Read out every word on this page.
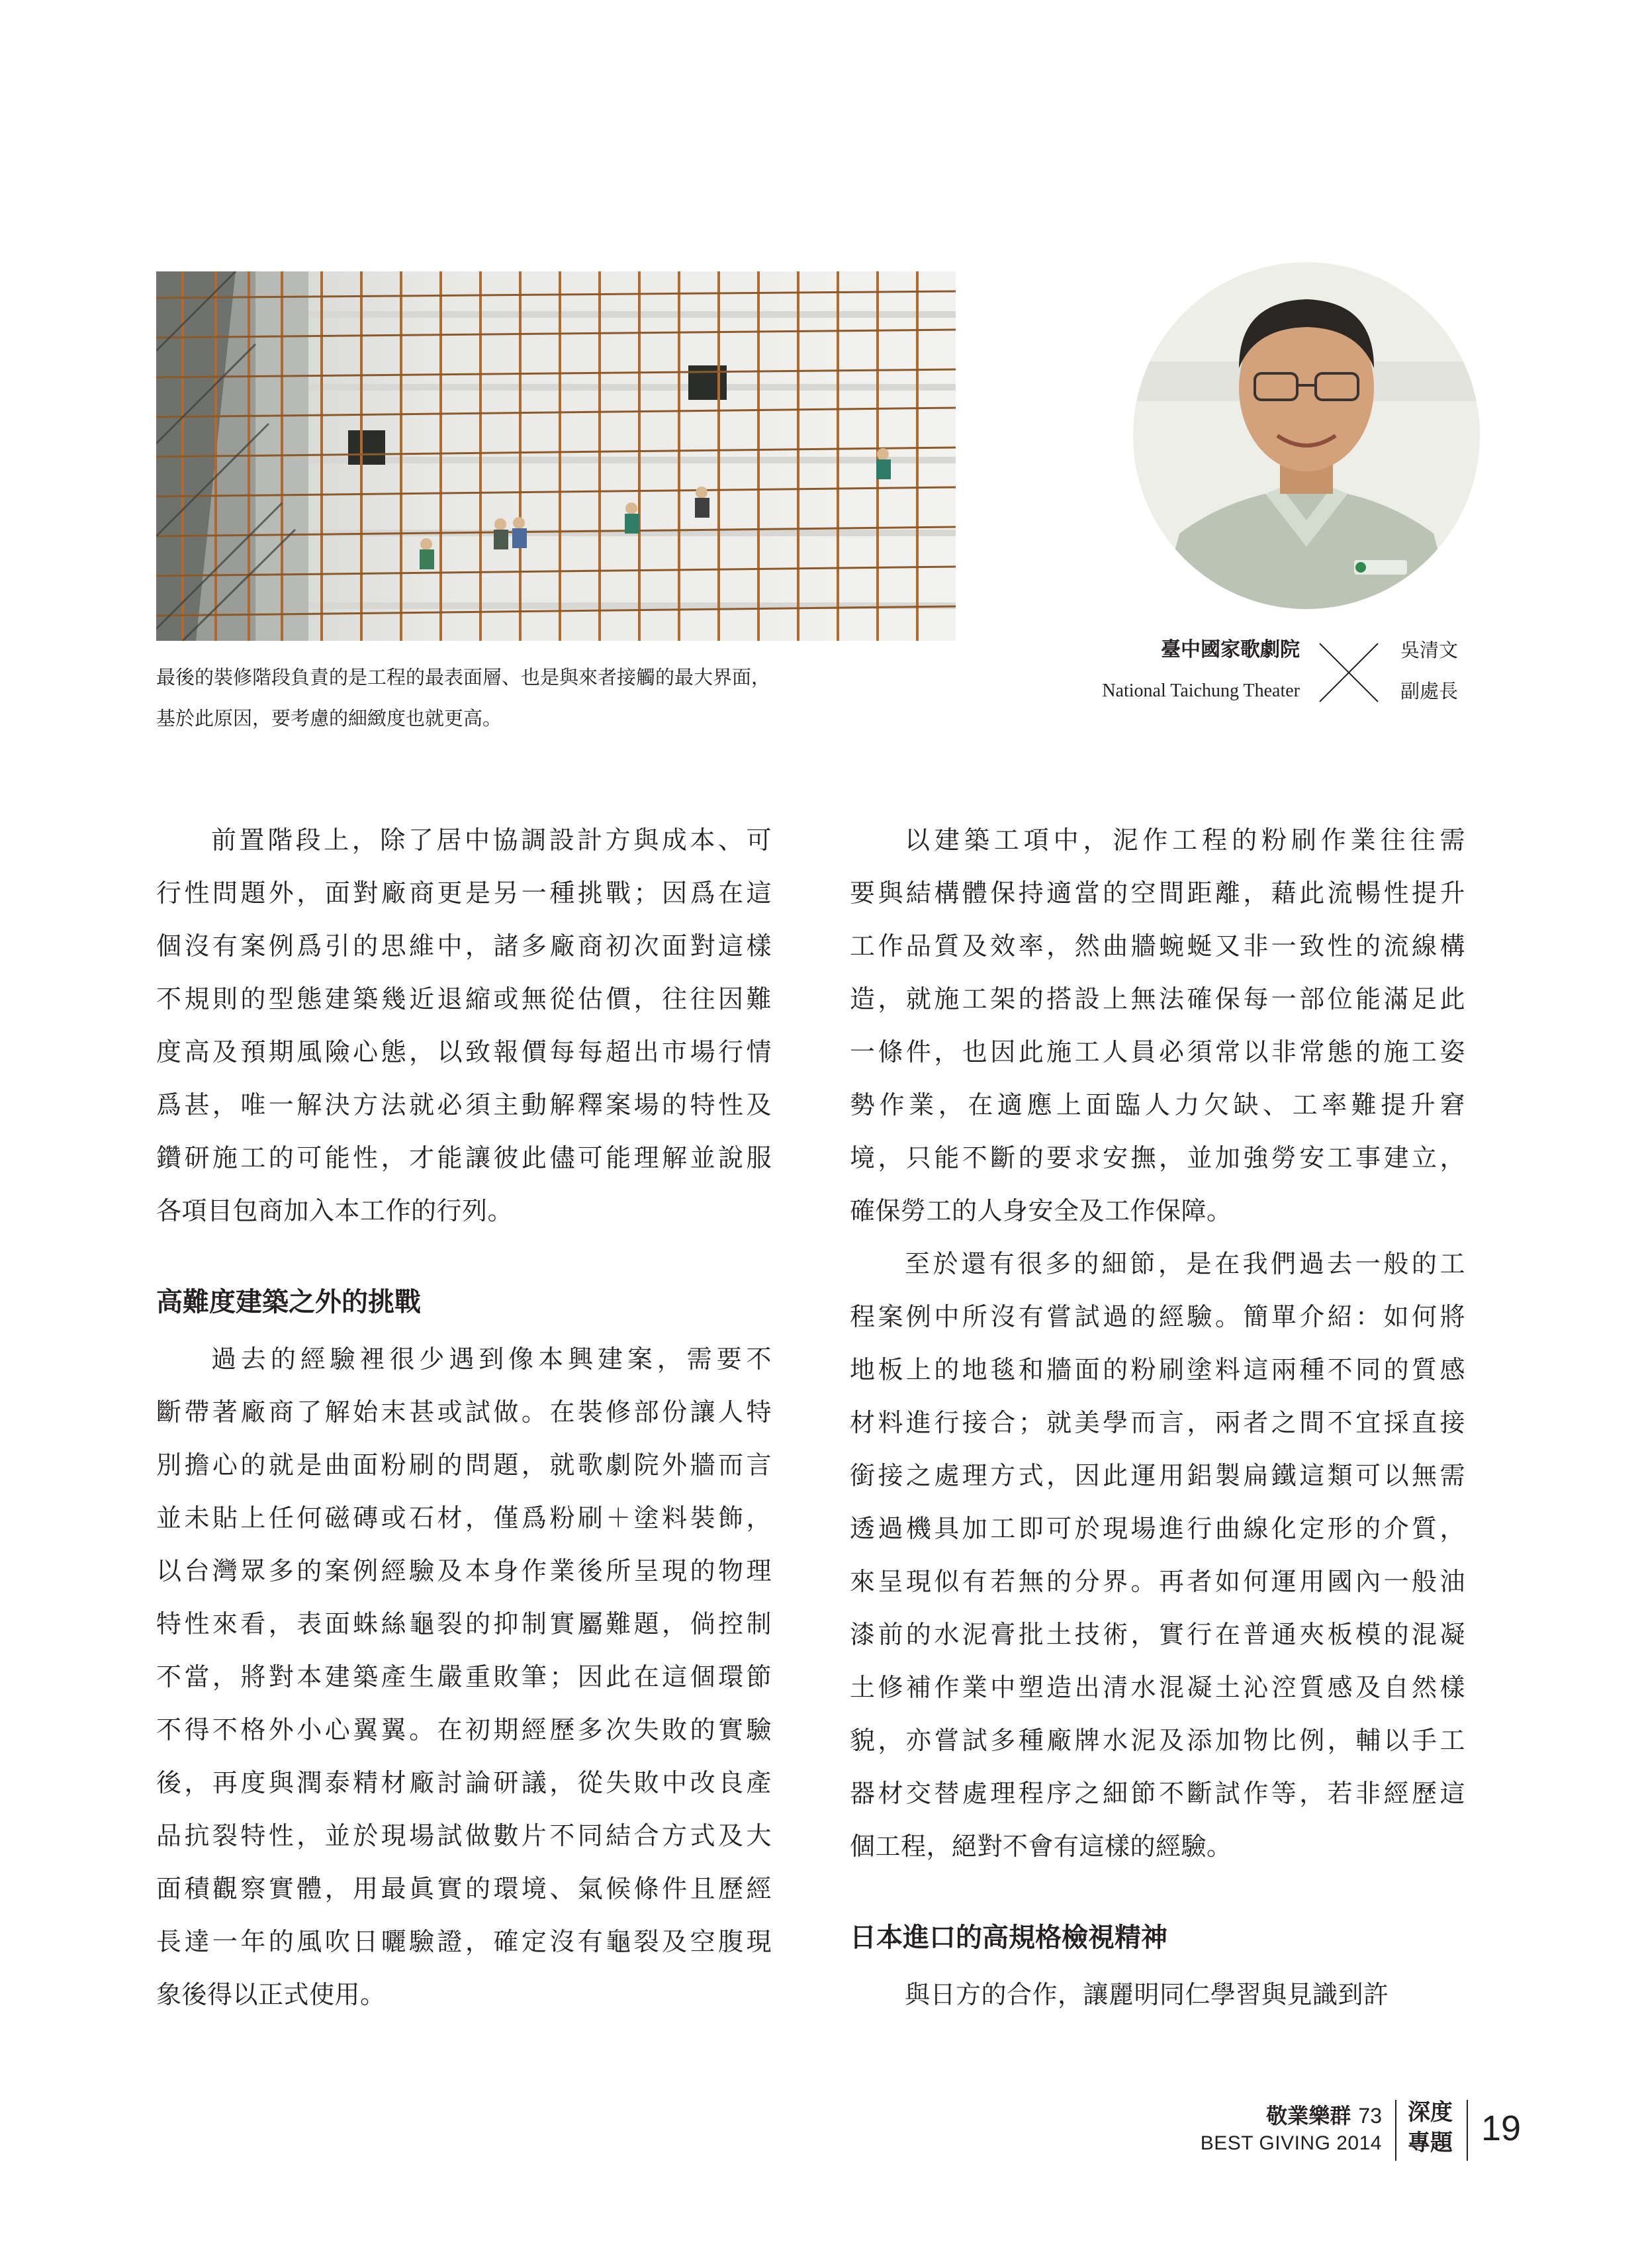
最後的裝修階段負責的是工程的最表面層、也是與來者接觸的最大界面，
基於此原因，要考慮的細緻度也就更高。
臺中國家歌劇院
National Taichung Theater
吳清文
副處長
前置階段上，除了居中協調設計方與成本、可
行性問題外，面對廠商更是另一種挑戰；因爲在這
個沒有案例爲引的思維中，諸多廠商初次面對這樣
不規則的型態建築幾近退縮或無從估價，往往因難
度高及預期風險心態，以致報價每每超出市場行情
爲甚，唯一解決方法就必須主動解釋案場的特性及
鑽研施工的可能性，才能讓彼此儘可能理解並說服
各項目包商加入本工作的行列。
高難度建築之外的挑戰
過去的經驗裡很少遇到像本興建案，需要不
斷帶著廠商了解始末甚或試做。在裝修部份讓人特
別擔心的就是曲面粉刷的問題，就歌劇院外牆而言
並未貼上任何磁磚或石材，僅爲粉刷＋塗料裝飾，
以台灣眾多的案例經驗及本身作業後所呈現的物理
特性來看，表面蛛絲龜裂的抑制實屬難題，倘控制
不當，將對本建築產生嚴重敗筆；因此在這個環節
不得不格外小心翼翼。在初期經歷多次失敗的實驗
後，再度與潤泰精材廠討論研議，從失敗中改良產
品抗裂特性，並於現場試做數片不同結合方式及大
面積觀察實體，用最眞實的環境、氣候條件且歷經
長達一年的風吹日曬驗證，確定沒有龜裂及空腹現
象後得以正式使用。
以建築工項中，泥作工程的粉刷作業往往需
要與結構體保持適當的空間距離，藉此流暢性提升
工作品質及效率，然曲牆蜿蜒又非一致性的流線構
造，就施工架的搭設上無法確保每一部位能滿足此
一條件，也因此施工人員必須常以非常態的施工姿
勢作業，在適應上面臨人力欠缺、工率難提升窘
境，只能不斷的要求安撫，並加強勞安工事建立，
確保勞工的人身安全及工作保障。
至於還有很多的細節，是在我們過去一般的工
程案例中所沒有嘗試過的經驗。簡單介紹：如何將
地板上的地毯和牆面的粉刷塗料這兩種不同的質感
材料進行接合；就美學而言，兩者之間不宜採直接
銜接之處理方式，因此運用鋁製扁鐵這類可以無需
透過機具加工即可於現場進行曲線化定形的介質，
來呈現似有若無的分界。再者如何運用國內一般油
漆前的水泥膏批土技術，實行在普通夾板模的混凝
土修補作業中塑造出清水混凝土沁涳質感及自然樣
貌，亦嘗試多種廠牌水泥及添加物比例，輔以手工
器材交替處理程序之細節不斷試作等，若非經歷這
個工程，絕對不會有這樣的經驗。
日本進口的高規格檢視精神
與日方的合作，讓麗明同仁學習與見識到許
敬業樂群 73
BEST GIVING 2014
深度
專題 19
